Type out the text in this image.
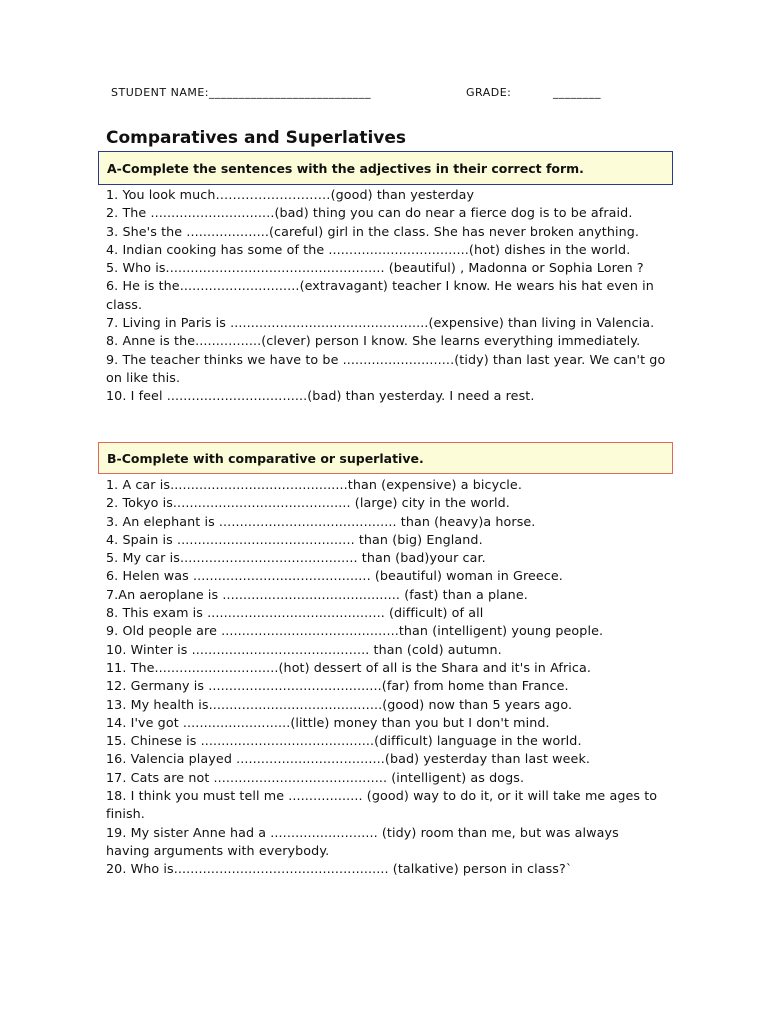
STUDENT NAME:___________________________	GRADE:	________
Comparatives and Superlatives
A-Complete the sentences with the adjectives in their correct form.
1. You look much………………………(good) than yesterday
2. The ..............................(bad) thing you can do near a fierce dog is to be afraid.
3. She's the ....................(careful) girl in the class. She has never broken anything.
4. Indian cooking has some of the ..................................(hot) dishes in the world.
5. Who is..................................................... (beautiful) , Madonna or Sophia Loren ?
6. He is the.............................(extravagant) teacher I know. He wears his hat even in class.
7. Living in Paris is ................................................(expensive) than living in Valencia.
8. Anne is the................(clever) person I know. She learns everything immediately.
9. The teacher thinks we have to be ...........................(tidy) than last year. We can't go on like this.
10. I feel ..................................(bad) than yesterday. I need a rest.
B-Complete with comparative or superlative.
1. A car is...........................................than (expensive) a bicycle.
2. Tokyo is........................................... (large) city in the world.
3. An elephant is ........................................... than (heavy)a horse.
4. Spain is ........................................... than (big) England.
5. My car is........................................... than (bad)your car.
6. Helen was ........................................... (beautiful) woman in Greece.
7.An aeroplane is ........................................... (fast) than a plane.
8. This exam is ........................................... (difficult) of all
9. Old people are ...........................................than (intelligent) young people.
10. Winter is ........................................... than (cold) autumn.
11. The..............................(hot) dessert of all is the Shara and it's in Africa.
12. Germany is ..........................................(far) from home than France.
13. My health is..........................................(good) now than 5 years ago.
14. I've got ..........................(little) money than you but I don't mind.
15. Chinese is ..........................................(difficult) language in the world.
16. Valencia played ....................................(bad) yesterday than last week.
17. Cats are not .......................................... (intelligent) as dogs.
18. I think you must tell me .................. (good) way to do it, or it will take me ages to finish.
19. My sister Anne had a .......................... (tidy) room than me, but was always having arguments with everybody.
20. Who is.................................................... (talkative) person in class?`
